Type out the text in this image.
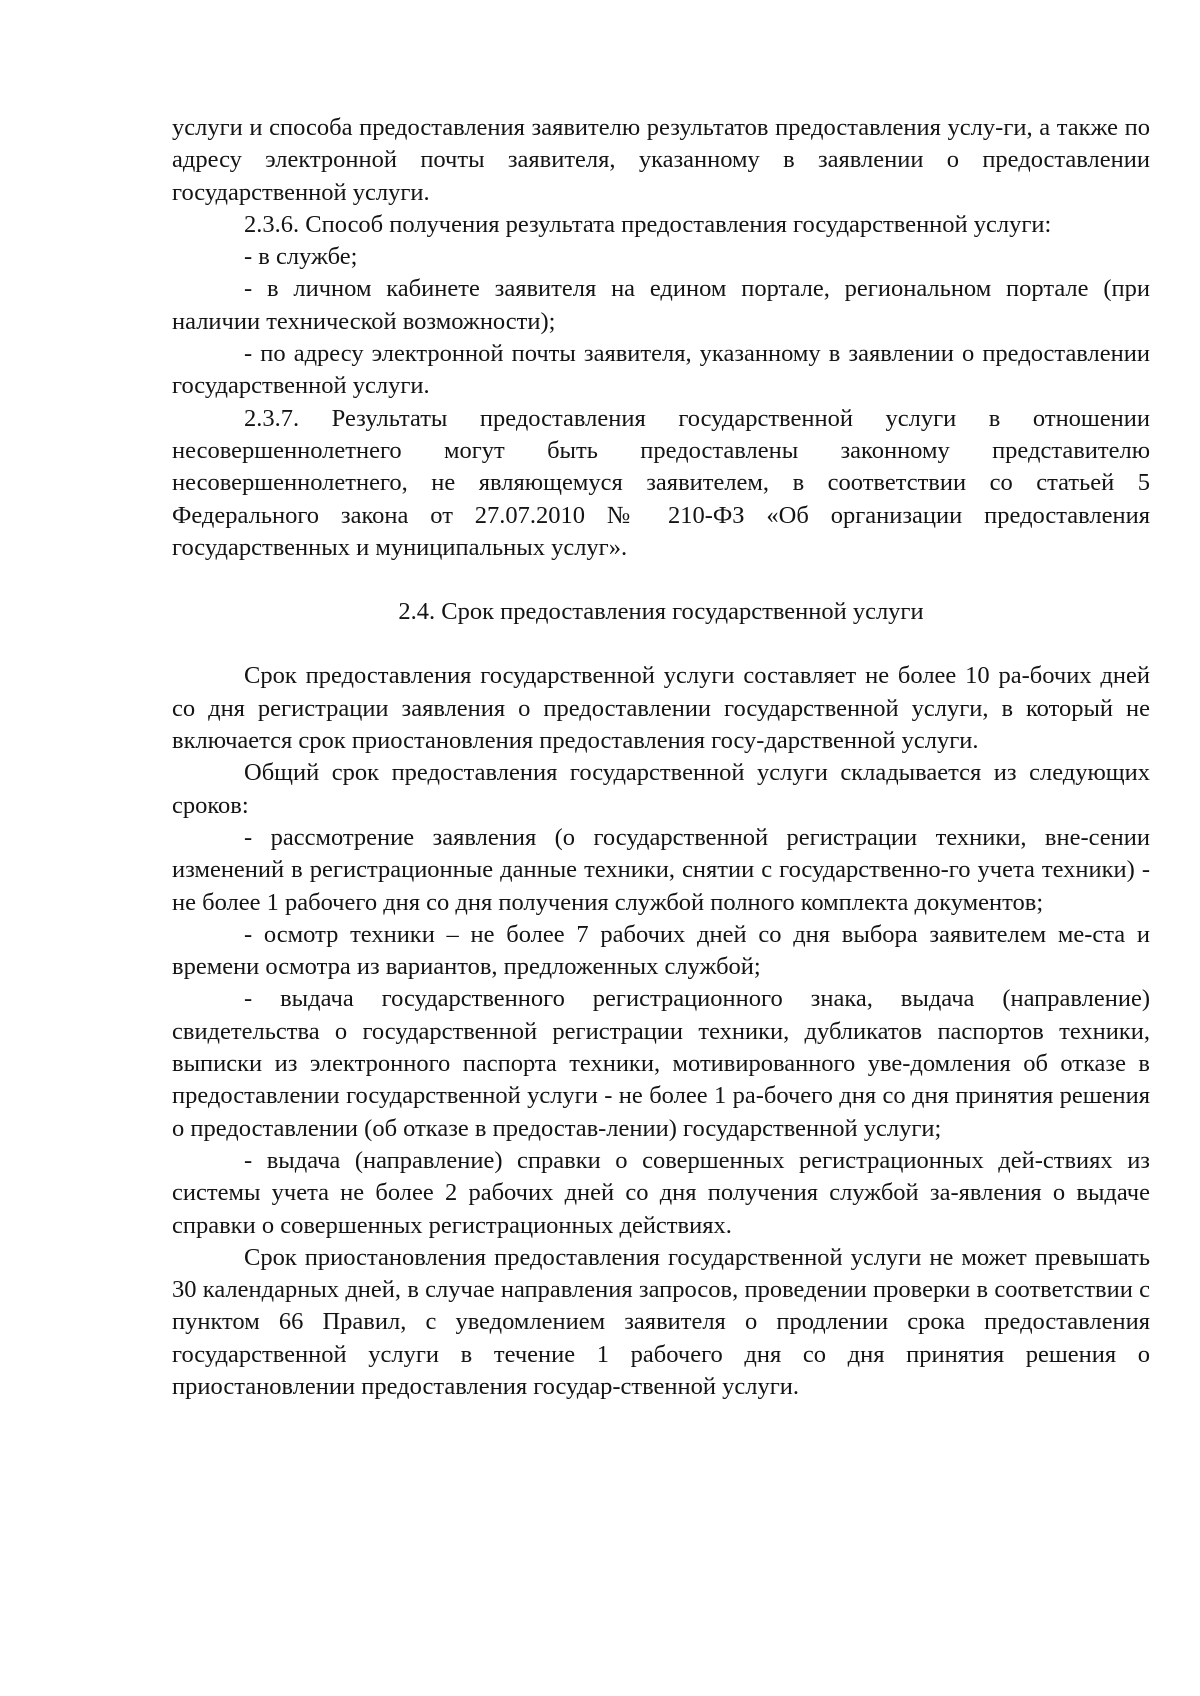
услуги и способа предоставления заявителю результатов предоставления услу-ги, а также по адресу электронной почты заявителя, указанному в заявлении о предоставлении государственной услуги.

2.3.6. Способ получения результата предоставления государственной услуги:

- в службе;

- в личном кабинете заявителя на едином портале, региональном портале (при наличии технической возможности);

- по адресу электронной почты заявителя, указанному в заявлении о предоставлении государственной услуги.

2.3.7. Результаты предоставления государственной услуги в отношении несовершеннолетнего могут быть предоставлены законному представителю несовершеннолетнего, не являющемуся заявителем, в соответствии со статьей 5 Федерального закона от 27.07.2010 № 210-ФЗ «Об организации предоставления государственных и муниципальных услуг».

2.4. Срок предоставления государственной услуги

Срок предоставления государственной услуги составляет не более 10 ра-бочих дней со дня регистрации заявления о предоставлении государственной услуги, в который не включается срок приостановления предоставления госу-дарственной услуги.

Общий срок предоставления государственной услуги складывается из следующих сроков:

- рассмотрение заявления (о государственной регистрации техники, вне-сении изменений в регистрационные данные техники, снятии с государственно-го учета техники) - не более 1 рабочего дня со дня получения службой полного комплекта документов;

- осмотр техники – не более 7 рабочих дней со дня выбора заявителем ме-ста и времени осмотра из вариантов, предложенных службой;

- выдача государственного регистрационного знака, выдача (направление) свидетельства о государственной регистрации техники, дубликатов паспортов техники, выписки из электронного паспорта техники, мотивированного уве-домления об отказе в предоставлении государственной услуги - не более 1 ра-бочего дня со дня принятия решения о предоставлении (об отказе в предостав-лении) государственной услуги;

- выдача (направление) справки о совершенных регистрационных дей-ствиях из системы учета не более 2 рабочих дней со дня получения службой за-явления о выдаче справки о совершенных регистрационных действиях.

Срок приостановления предоставления государственной услуги не может превышать 30 календарных дней, в случае направления запросов, проведении проверки в соответствии с пунктом 66 Правил, с уведомлением заявителя о продлении срока предоставления государственной услуги в течение 1 рабочего дня со дня принятия решения о приостановлении предоставления государ-ственной услуги.
